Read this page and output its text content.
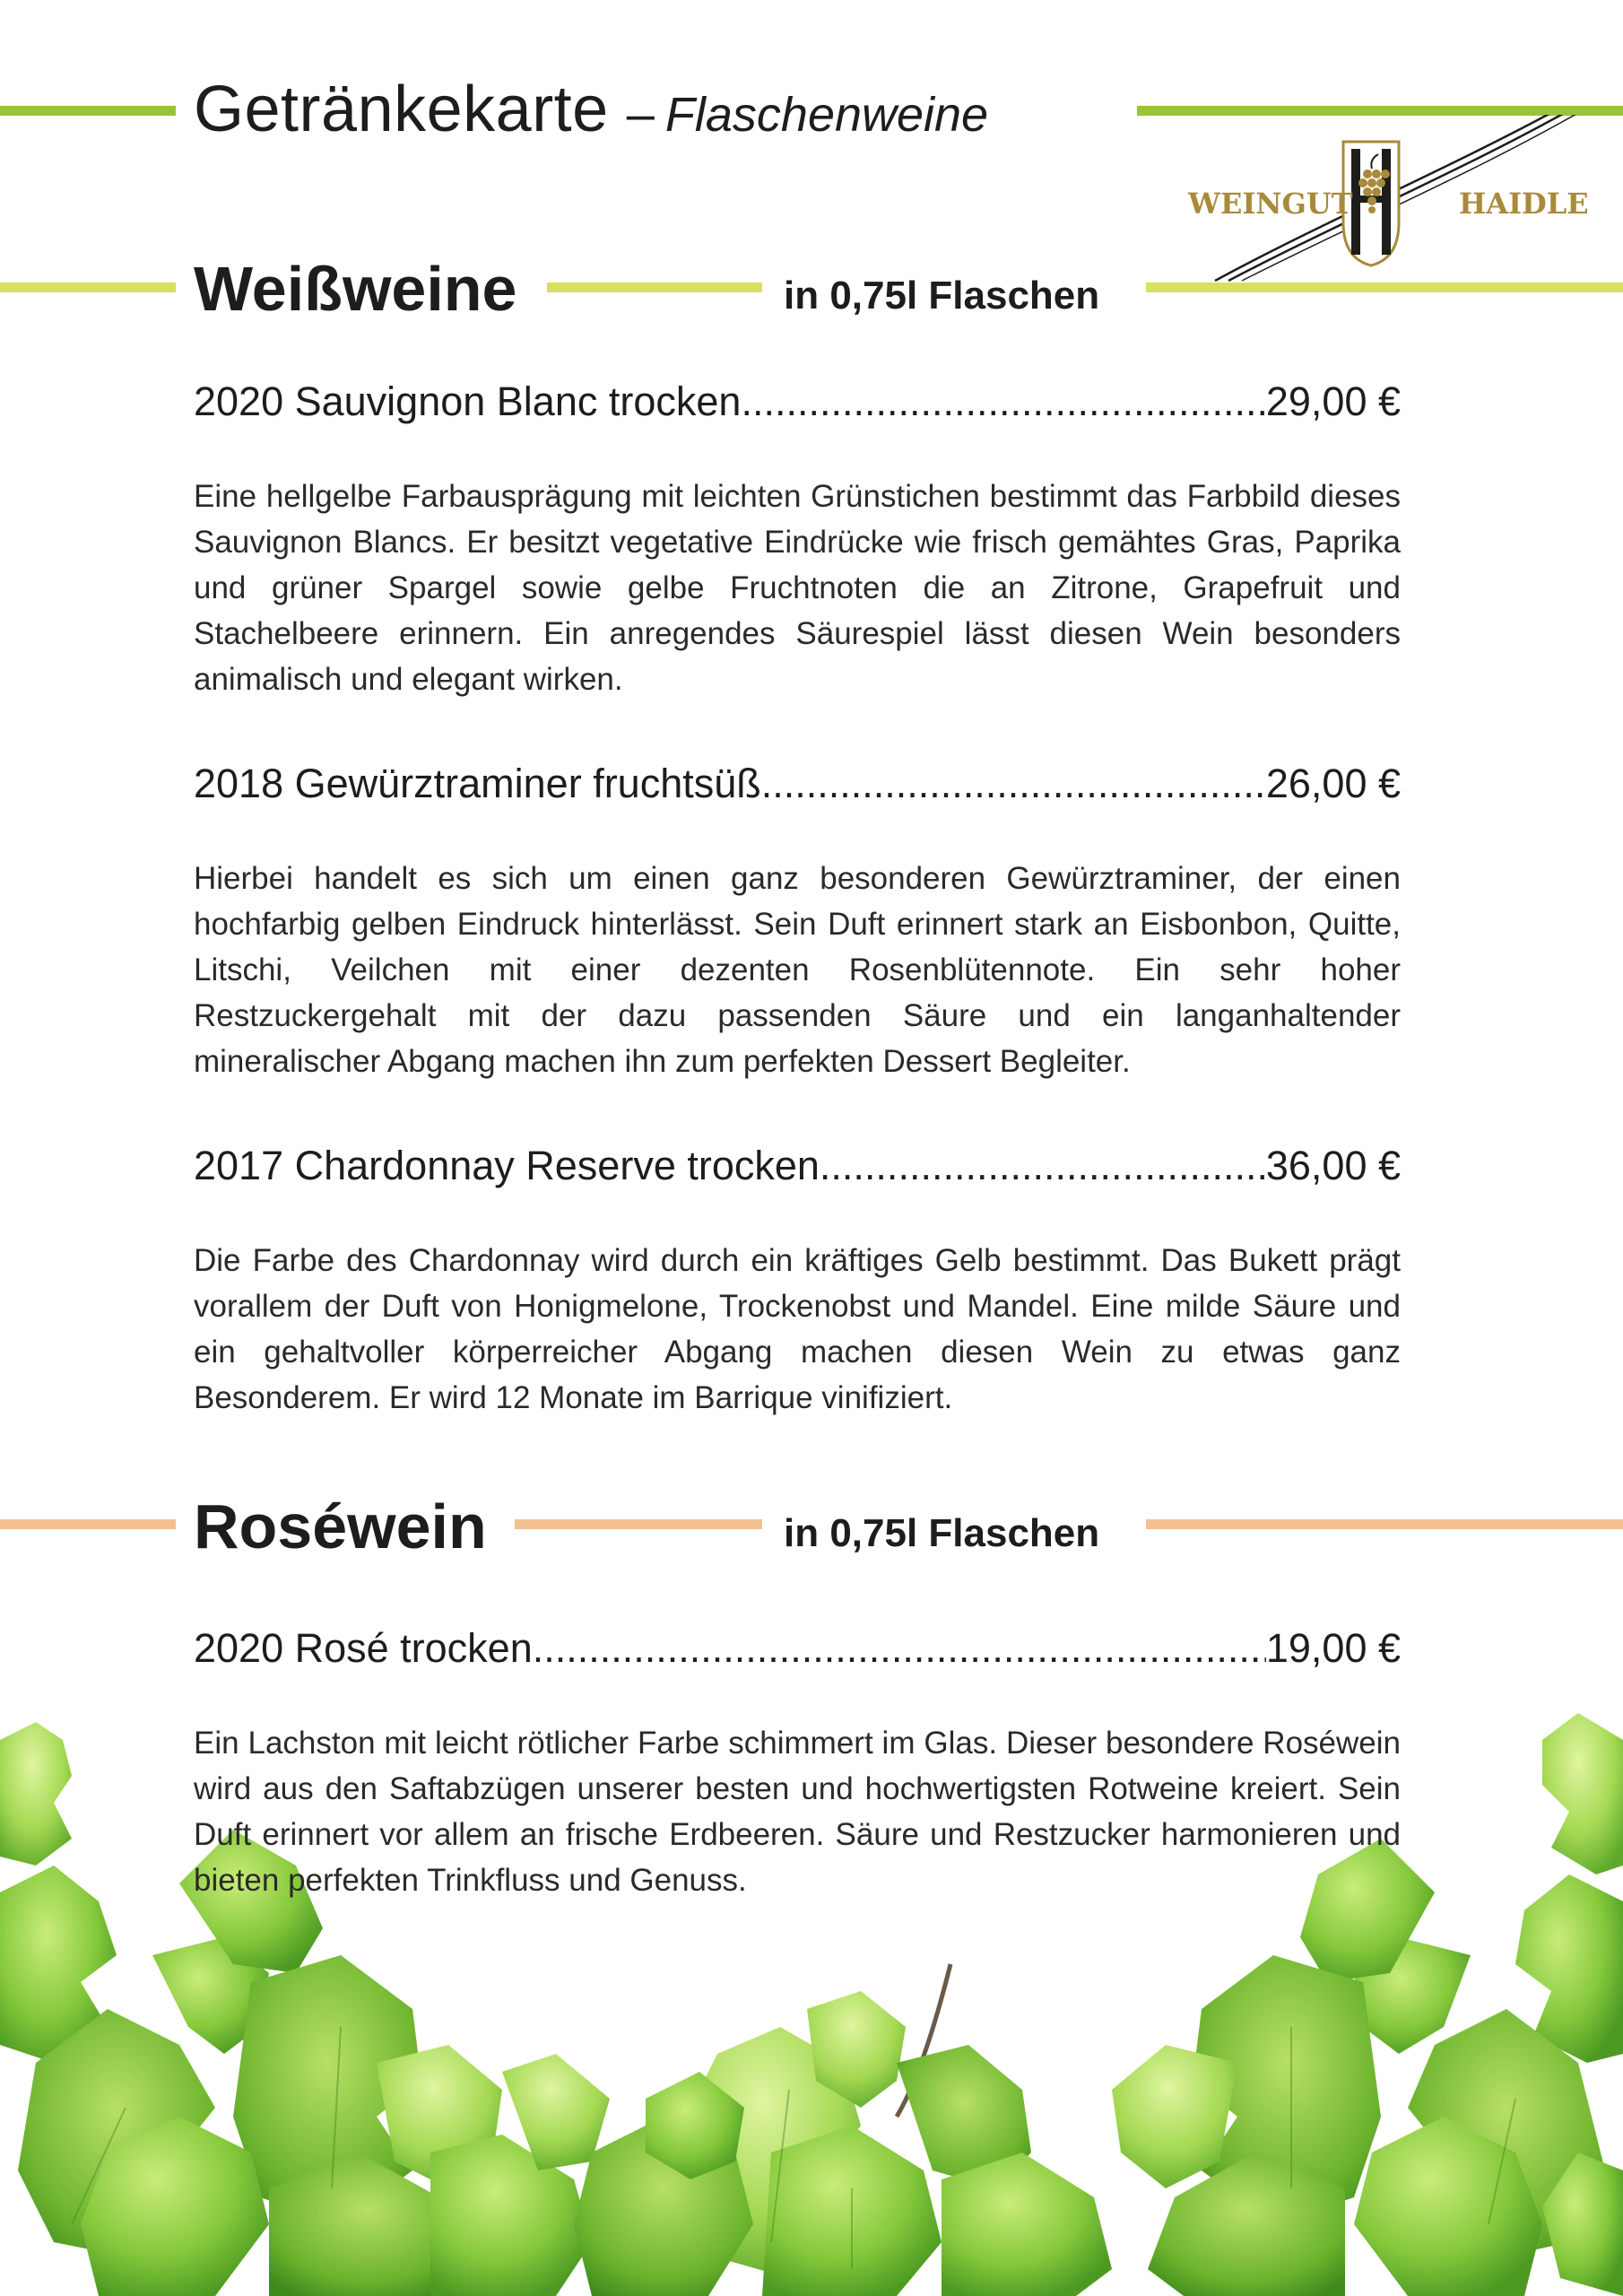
Getränkekarte – Flaschenweine
WEINGUT	HAIDLE
Weißweine	in 0,75l Flaschen
2020 Sauvignon Blanc trocken .....	29,00 €

Eine hellgelbe Farbausprägung mit leichten Grünstichen bestimmt das Farbbild dieses Sauvignon Blancs. Er besitzt vegetative Eindrücke wie frisch gemähtes Gras, Paprika und grüner Spargel sowie gelbe Fruchtnoten die an Zitrone, Grapefruit und Stachelbeere erinnern. Ein anregendes Säurespiel lässt diesen Wein besonders animalisch und elegant wirken.

2018 Gewürztraminer fruchtsüß .....	26,00 €

Hierbei handelt es sich um einen ganz besonderen Gewürztraminer, der einen hochfarbig gelben Eindruck hinterlässt. Sein Duft erinnert stark an Eisbonbon, Quitte, Litschi, Veilchen mit einer dezenten Rosenblütennote. Ein sehr hoher Restzuckergehalt mit der dazu passenden Säure und ein langanhaltender mineralischer Abgang machen ihn zum perfekten Dessert Begleiter.

2017 Chardonnay Reserve trocken .....	36,00 €

Die Farbe des Chardonnay wird durch ein kräftiges Gelb bestimmt. Das Bukett prägt vorallem der Duft von Honigmelone, Trockenobst und Mandel. Eine milde Säure und ein gehaltvoller körperreicher Abgang machen diesen Wein zu etwas ganz Besonderem. Er wird 12 Monate im Barrique vinifiziert.

Roséwein	in 0,75l Flaschen
2020 Rosé trocken .....	19,00 €

Ein Lachston mit leicht rötlicher Farbe schimmert im Glas. Dieser besondere Roséwein wird aus den Saftabzügen unserer besten und hochwertigsten Rotweine kreiert. Sein Duft erinnert vor allem an frische Erdbeeren. Säure und Restzucker harmonieren und bieten perfekten Trinkfluss und Genuss.
